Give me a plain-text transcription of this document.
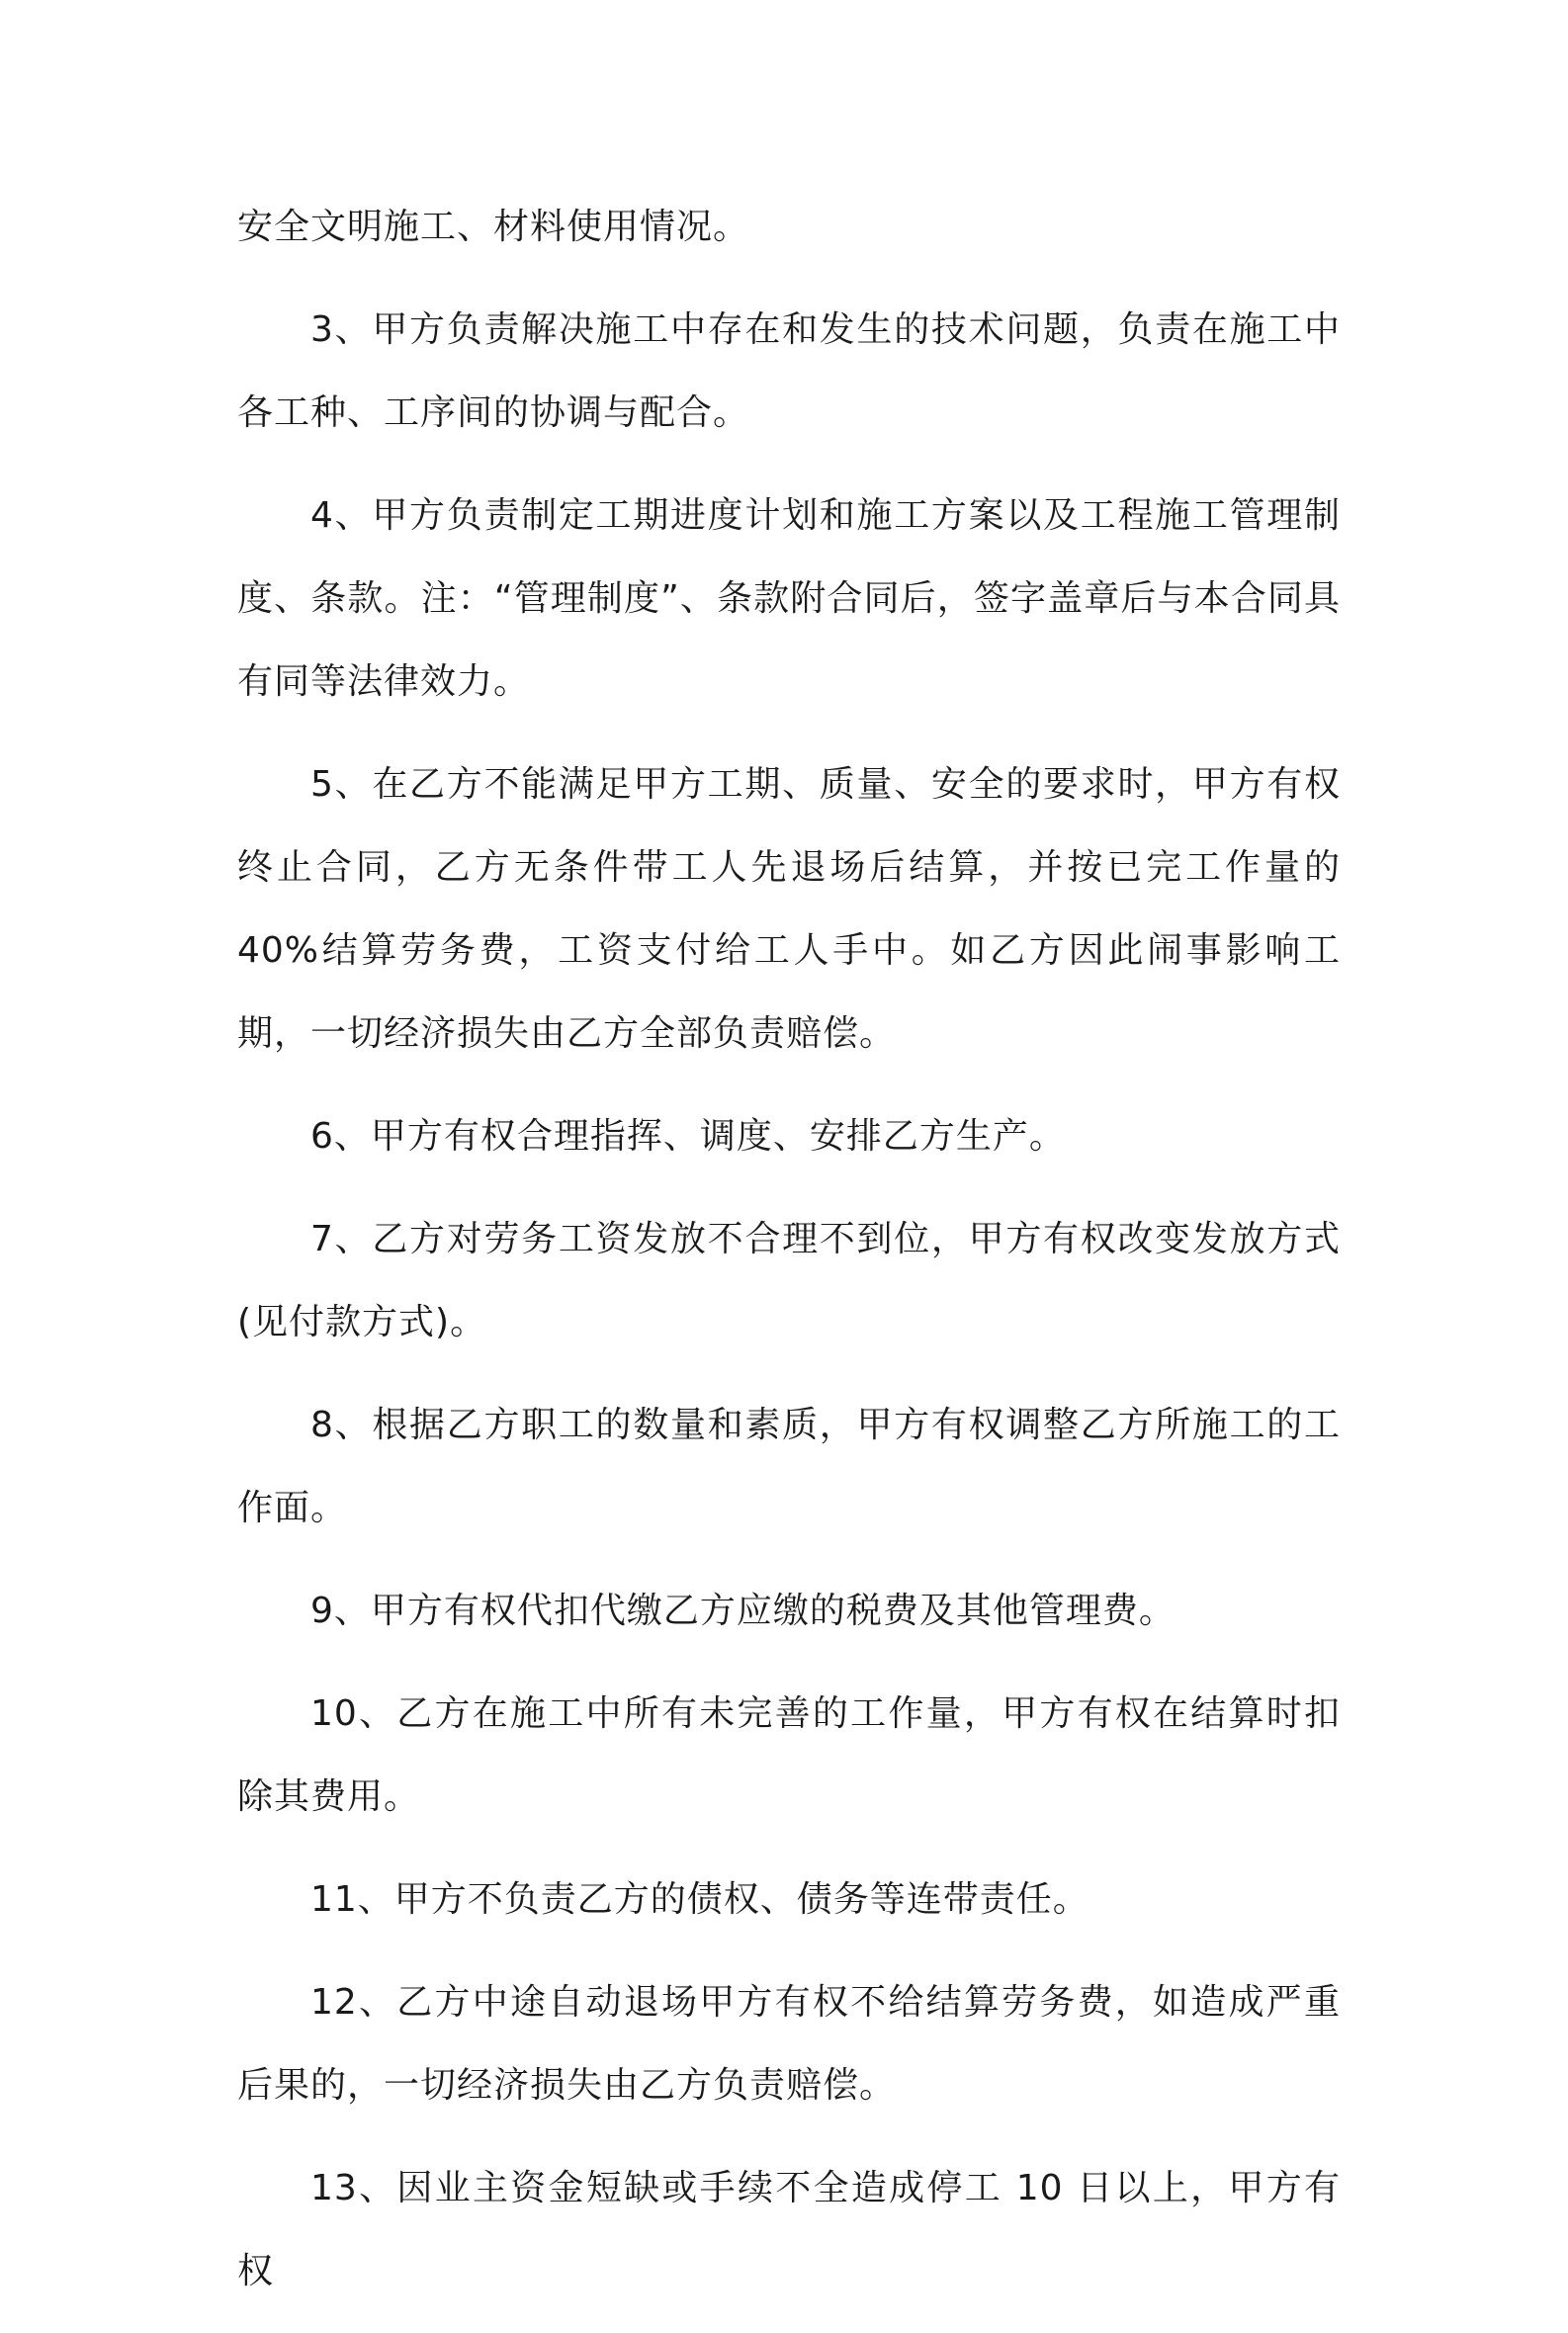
安全文明施工、材料使用情况。

3、甲方负责解决施工中存在和发生的技术问题，负责在施工中各工种、工序间的协调与配合。

4、甲方负责制定工期进度计划和施工方案以及工程施工管理制度、条款。注：“管理制度”、条款附合同后，签字盖章后与本合同具有同等法律效力。

5、在乙方不能满足甲方工期、质量、安全的要求时，甲方有权终止合同，乙方无条件带工人先退场后结算，并按已完工作量的 40%结算劳务费，工资支付给工人手中。如乙方因此闹事影响工期，一切经济损失由乙方全部负责赔偿。

6、甲方有权合理指挥、调度、安排乙方生产。

7、乙方对劳务工资发放不合理不到位，甲方有权改变发放方式(见付款方式)。

8、根据乙方职工的数量和素质，甲方有权调整乙方所施工的工作面。

9、甲方有权代扣代缴乙方应缴的税费及其他管理费。

10、乙方在施工中所有未完善的工作量，甲方有权在结算时扣除其费用。

11、甲方不负责乙方的债权、债务等连带责任。

12、乙方中途自动退场甲方有权不给结算劳务费，如造成严重后果的，一切经济损失由乙方负责赔偿。

13、因业主资金短缺或手续不全造成停工 10 日以上，甲方有权
